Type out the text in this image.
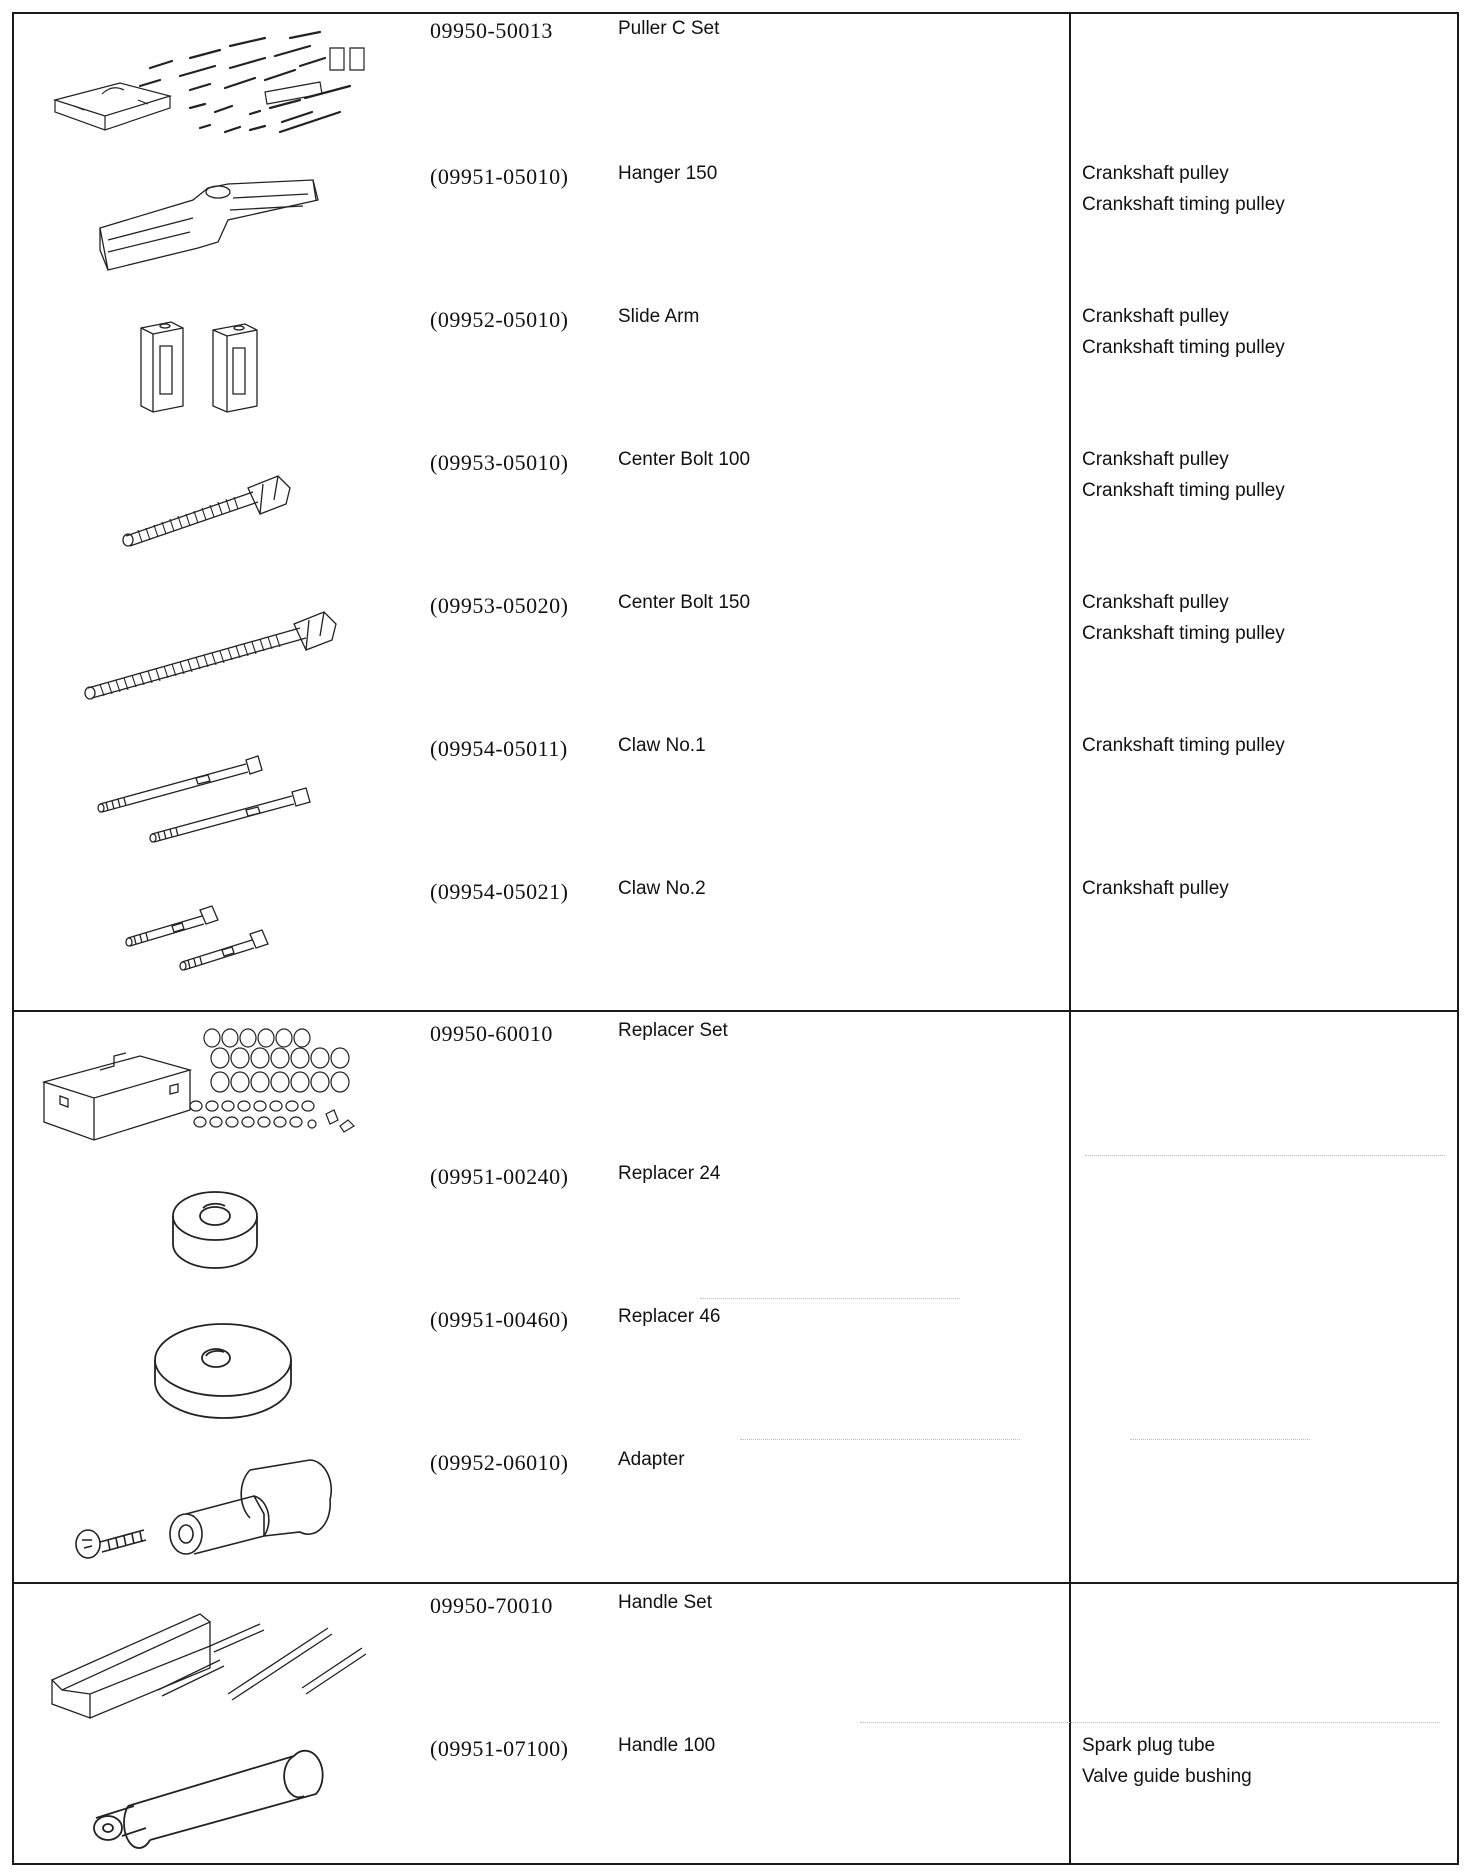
09950-50013	Puller C Set
(09951-05010)	Hanger 150	Crankshaft pulley
Crankshaft timing pulley
(09952-05010)	Slide Arm	Crankshaft pulley
Crankshaft timing pulley
(09953-05010)	Center Bolt 100	Crankshaft pulley
Crankshaft timing pulley
(09953-05020)	Center Bolt 150	Crankshaft pulley
Crankshaft timing pulley
(09954-05011)	Claw No.1	Crankshaft timing pulley
(09954-05021)	Claw No.2	Crankshaft pulley
09950-60010	Replacer Set
(09951-00240)	Replacer 24
(09951-00460)	Replacer 46
(09952-06010)	Adapter
09950-70010	Handle Set
(09951-07100)	Handle 100	Spark plug tube
Valve guide bushing
